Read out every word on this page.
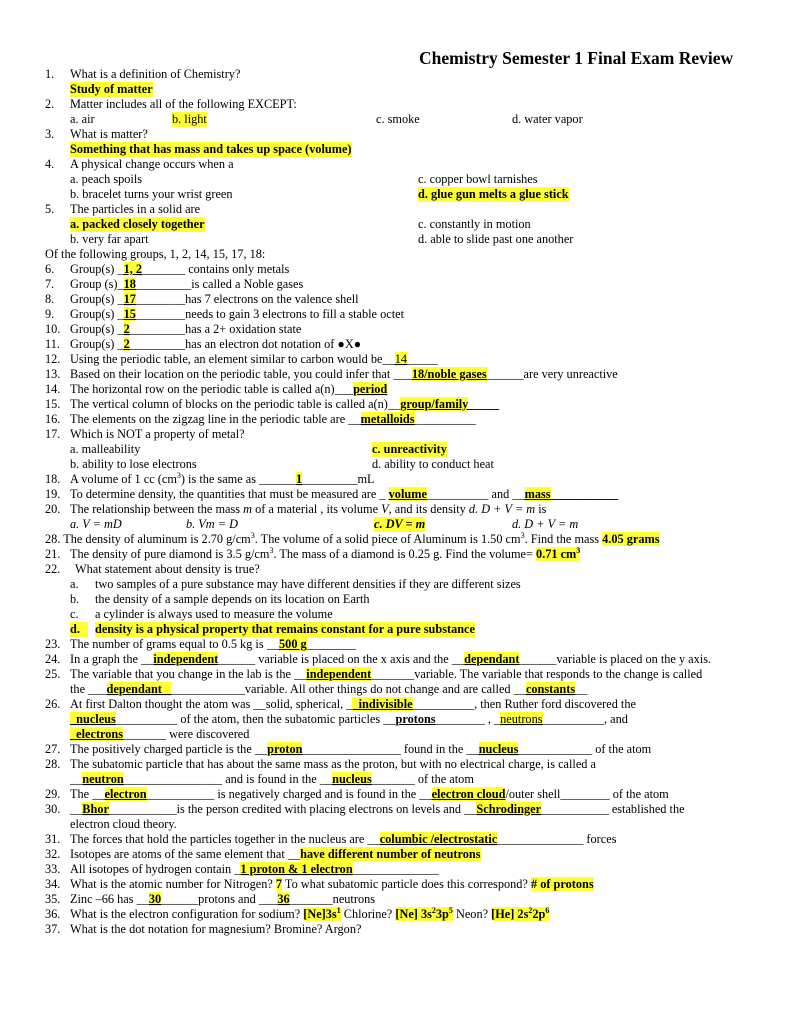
Chemistry Semester 1 Final Exam Review
1. What is a definition of Chemistry?
Study of matter
2. Matter includes all of the following EXCEPT:
a. air	b. light	c. smoke	d. water vapor
3. What is matter?
Something that has mass and takes up space (volume)
4. A physical change occurs when a
a. peach spoils	c. copper bowl tarnishes
b. bracelet turns your wrist green	d. glue gun melts a glue stick
5. The particles in a solid are
a. packed closely together	c. constantly in motion
b. very far apart	d. able to slide past one another
Of the following groups, 1, 2, 14, 15, 17, 18:
6. Group(s) _1, 2_______ contains only metals
7. Group (s)_18_________is called a Noble gases
8. Group(s) _17________has 7 electrons on the valence shell
9. Group(s) _15________needs to gain 3 electrons to fill a stable octet
10. Group(s) _2_________has a 2+ oxidation state
11. Group(s) _2_________has an electron dot notation of ●X●
12. Using the periodic table, an element similar to carbon would be__14_____
13. Based on their location on the periodic table, you could infer that ___18/noble gases______are very unreactive
14. The horizontal row on the periodic table is called a(n)___period
15. The vertical column of blocks on the periodic table is called a(n)__group/family_____
16. The elements on the zigzag line in the periodic table are __metalloids__________
17. Which is NOT a property of metal?
a. malleability	c. unreactivity
b. ability to lose electrons	d. ability to conduct heat
18. A volume of 1 cc $(cm^3)$ is the same as ______1_________mL
19. To determine density, the quantities that must be measured are _ volume__________ and __mass___________
20. The relationship between the mass m of a material , its volume V, and its density d. D + V = m is
a. V = mD	b. Vm = D	c. DV = m	d. D + V = m
28. The density of aluminum is 2.70 $g/cm^3$. The volume of a solid piece of Aluminum is 1.50 $cm^3$. Find the mass 4.05 grams
21. The density of pure diamond is 3.5 $g/cm^3$. The mass of a diamond is 0.25 g. Find the volume= 0.71 $cm^3$
22. What statement about density is true?
a. two samples of a pure substance may have different densities if they are different sizes
b. the density of a sample depends on its location on Earth
c. a cylinder is always used to measure the volume
d.	density is a physical property that remains constant for a pure substance
23. The number of grams equal to 0.5 kg is __500 g________
24. In a graph the __independent______ variable is placed on the x axis and the __dependant______variable is placed on the y axis.
25. The variable that you change in the lab is the __independent_______variable. The variable that responds to the change is called
the ___dependant _____________variable. All other things do not change and are called __constants__
26. At first Dalton thought the atom was __solid, spherical, __indivisible__________, then Ruther ford discovered the
_nucleus__________ of the atom, then the subatomic particles __protons________ , _neutrons__________, and
_electrons_______ were discovered
27. The positively charged particle is the __proton________________ found in the __nucleus____________ of the atom
28. The subatomic particle that has about the same mass as the proton, but with no electrical charge, is called a
__neutron________________ and is found in the __nucleus_______ of the atom
29. The __electron___________ is negatively charged and is found in the __electron cloud/outer shell________ of the atom
30. __Bhor___________is the person credited with placing electrons on levels and __Schrodinger___________ established the
electron cloud theory.
31. The forces that hold the particles together in the nucleus are __columbic /electrostatic______________ forces
32. Isotopes are atoms of the same element that __have different number of neutrons
33. All isotopes of hydrogen contain _1 proton & 1 electron______________
34. What is the atomic number for Nitrogen? 7 To what subatomic particle does this correspond? # of protons
35. Zinc –66 has __30______protons and ___36_______neutrons
36. What is the electron configuration for sodium? $[Ne]3s^1$ Chlorine? [Ne] $3s^23p^5$ Neon? [He] $2s^22p^6$
37. What is the dot notation for magnesium? Bromine? Argon?
